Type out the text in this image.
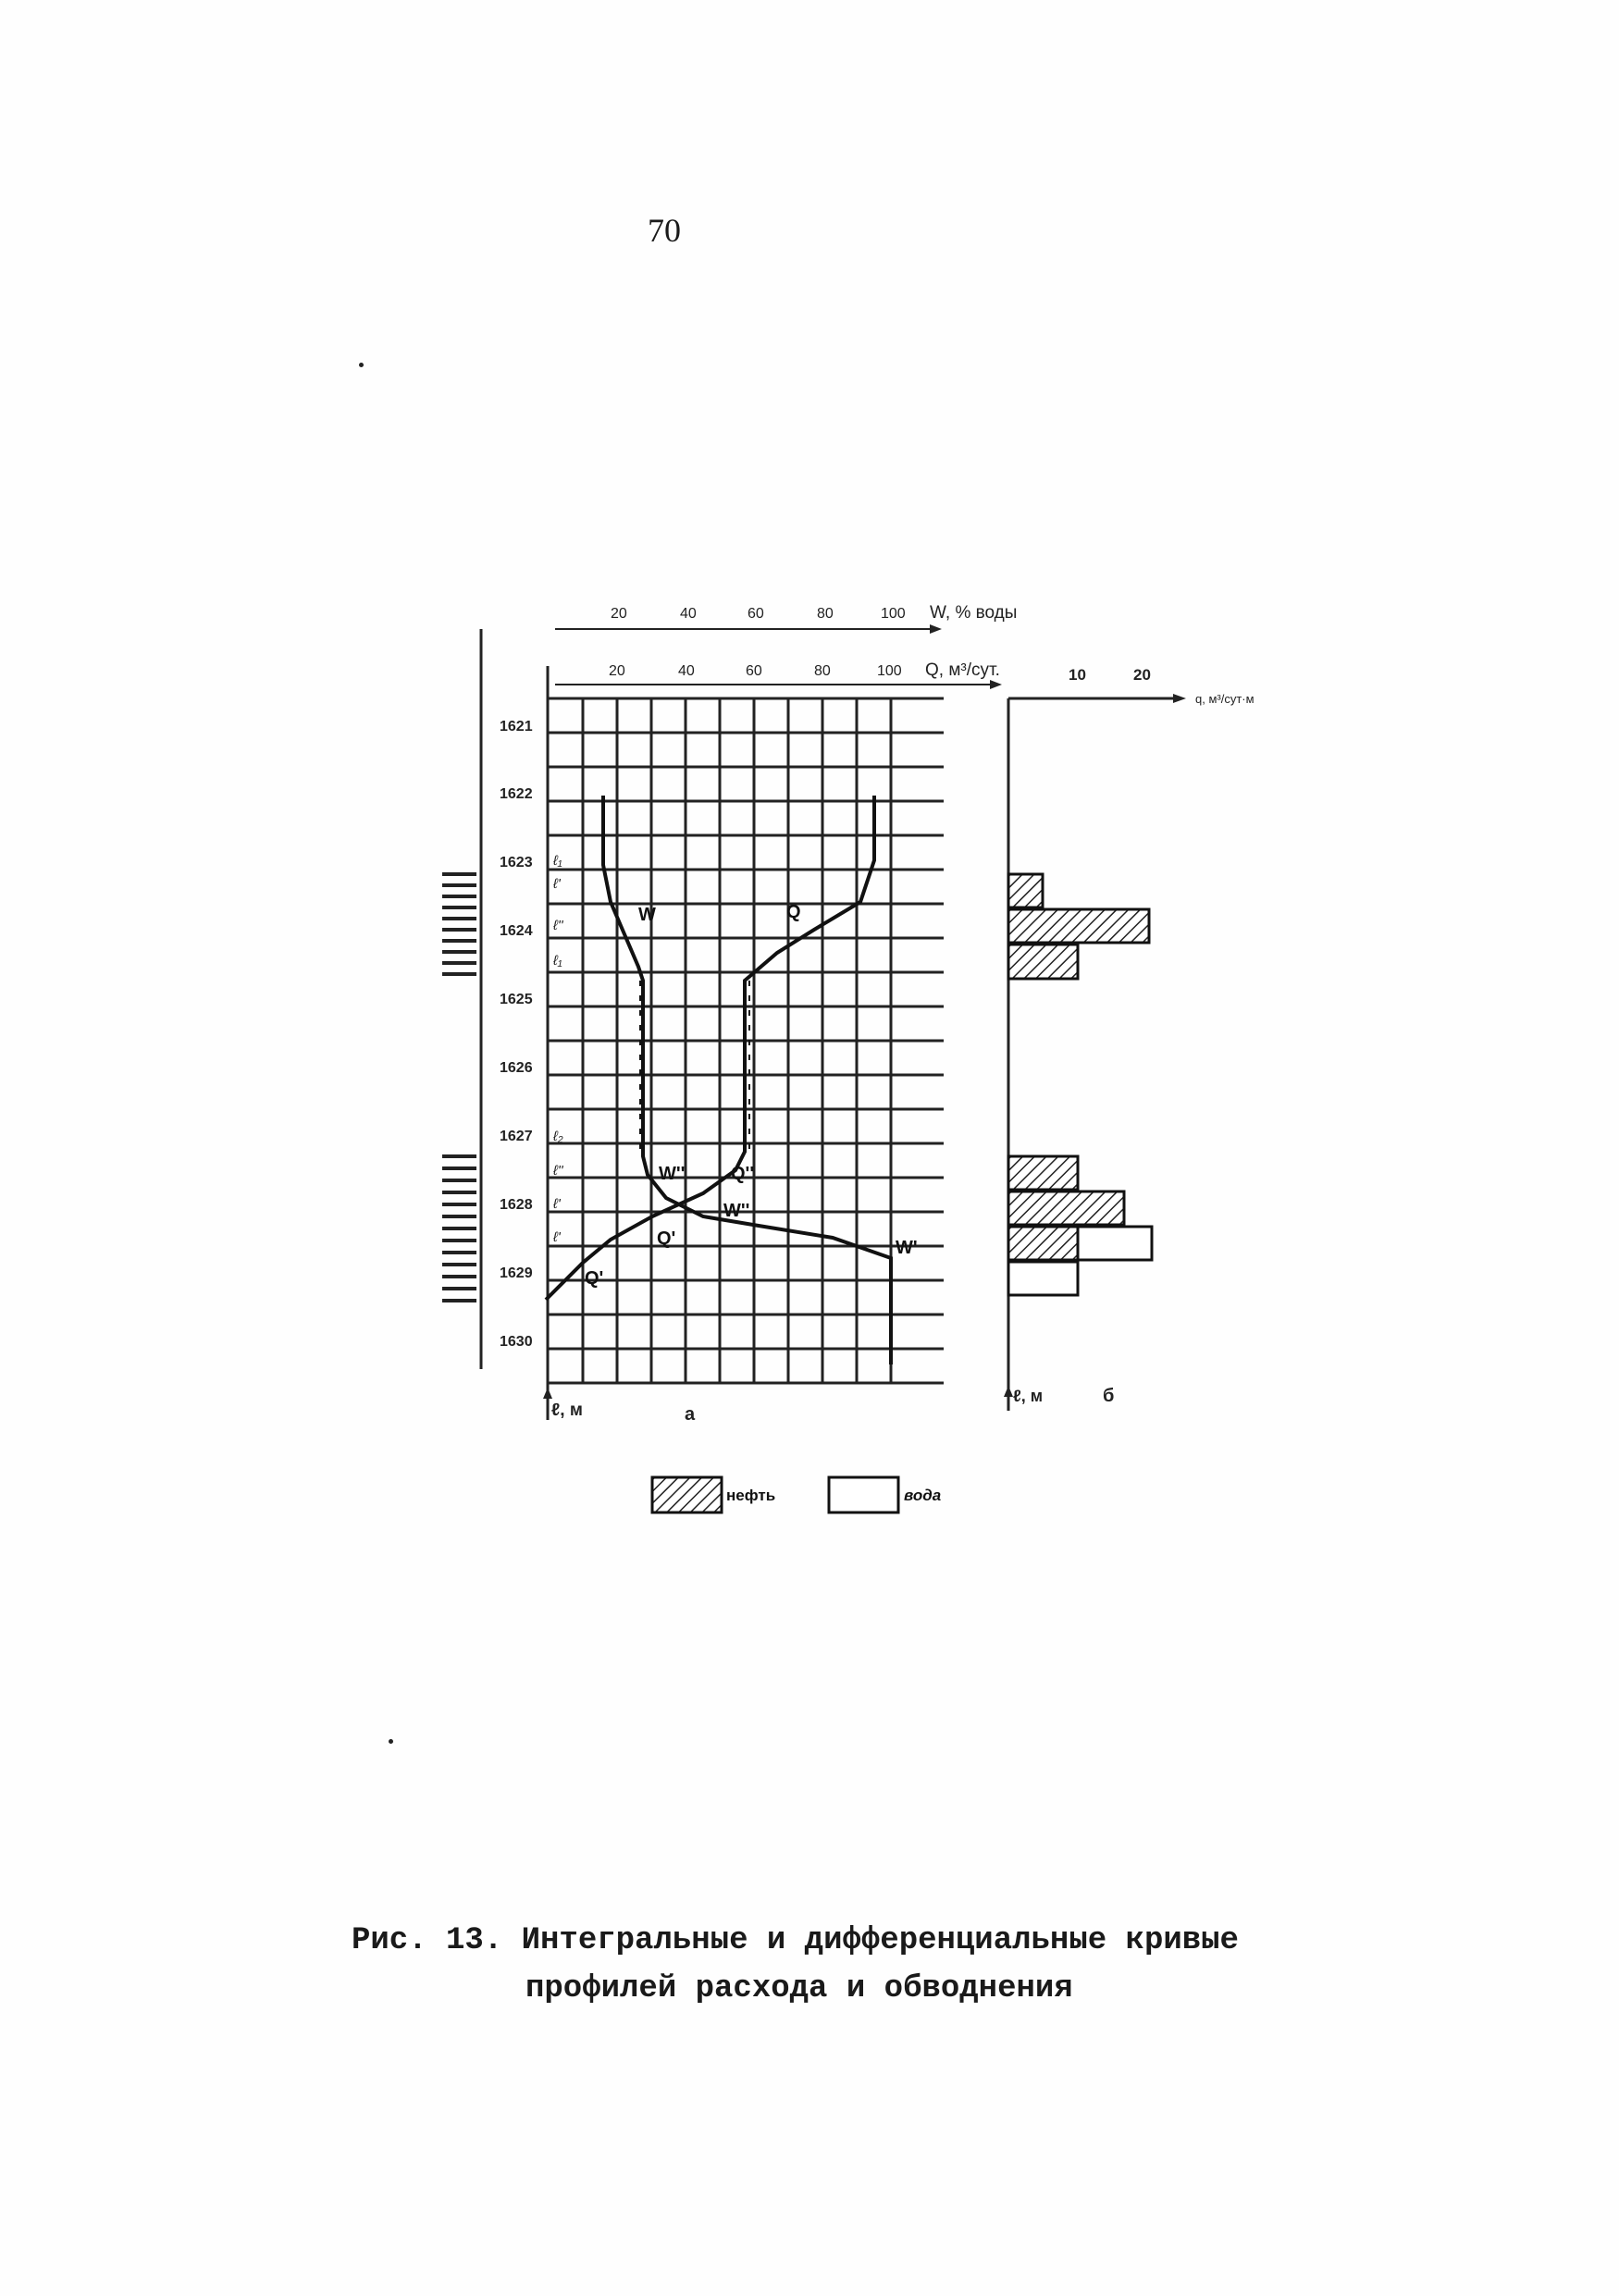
70
20	40	60	80	100 W, % воды
20	40	60	80	100 Q, м³/сут.
ℓ, м	а
1621
1622
1623
1624
1625
1626
1627
1628
1629
1630
ℓ₁
ℓ'
ℓ''
ℓ₁
ℓ₂
ℓ''
ℓ'
ℓ'
W	Q
W'' Q''
W''
Q'	W'
Q'
10	20
q, м³/сут·м
ℓ, м	б
нефть	вода
Рис. 13. Интегральные и дифференциальные кривые
профилей расхода и обводнения
